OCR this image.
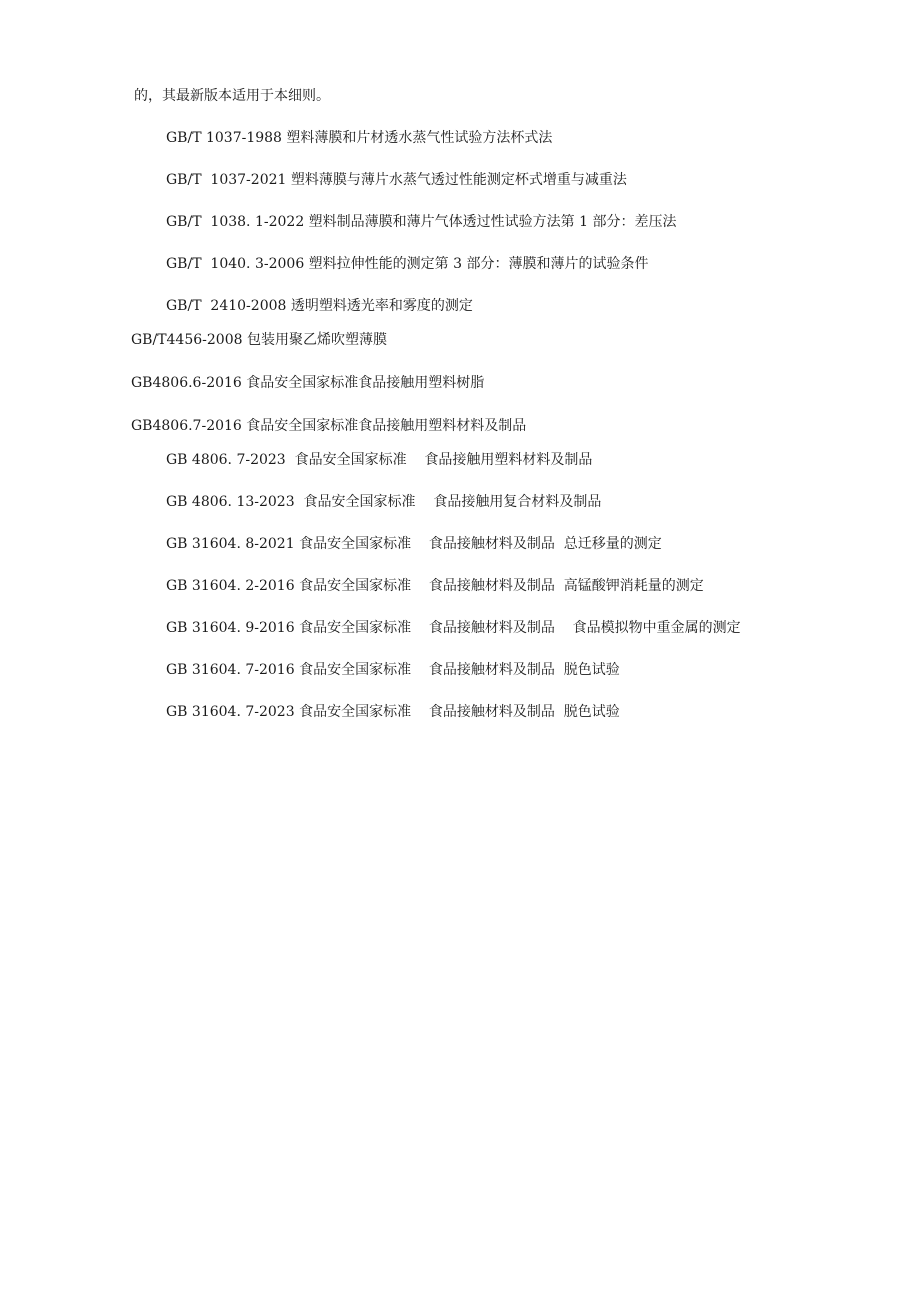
的，其最新版本适用于本细则。
GB/T 1037-1988 塑料薄膜和片材透水蒸气性试验方法杯式法
GB/T  1037-2021 塑料薄膜与薄片水蒸气透过性能测定杯式增重与减重法
GB/T  1038. 1-2022 塑料制品薄膜和薄片气体透过性试验方法第 1 部分：差压法
GB/T  1040. 3-2006 塑料拉伸性能的测定第 3 部分：薄膜和薄片的试验条件
GB/T  2410-2008 透明塑料透光率和雾度的测定
GB/T4456-2008 包装用聚乙烯吹塑薄膜
GB4806.6-2016 食品安全国家标准食品接触用塑料树脂
GB4806.7-2016 食品安全国家标准食品接触用塑料材料及制品
GB 4806. 7-2023  食品安全国家标准    食品接触用塑料材料及制品
GB 4806. 13-2023  食品安全国家标准    食品接触用复合材料及制品
GB 31604. 8-2021 食品安全国家标准    食品接触材料及制品  总迁移量的测定
GB 31604. 2-2016 食品安全国家标准    食品接触材料及制品  高锰酸钾消耗量的测定
GB 31604. 9-2016 食品安全国家标准    食品接触材料及制品    食品模拟物中重金属的测定
GB 31604. 7-2016 食品安全国家标准    食品接触材料及制品  脱色试验
GB 31604. 7-2023 食品安全国家标准    食品接触材料及制品  脱色试验
